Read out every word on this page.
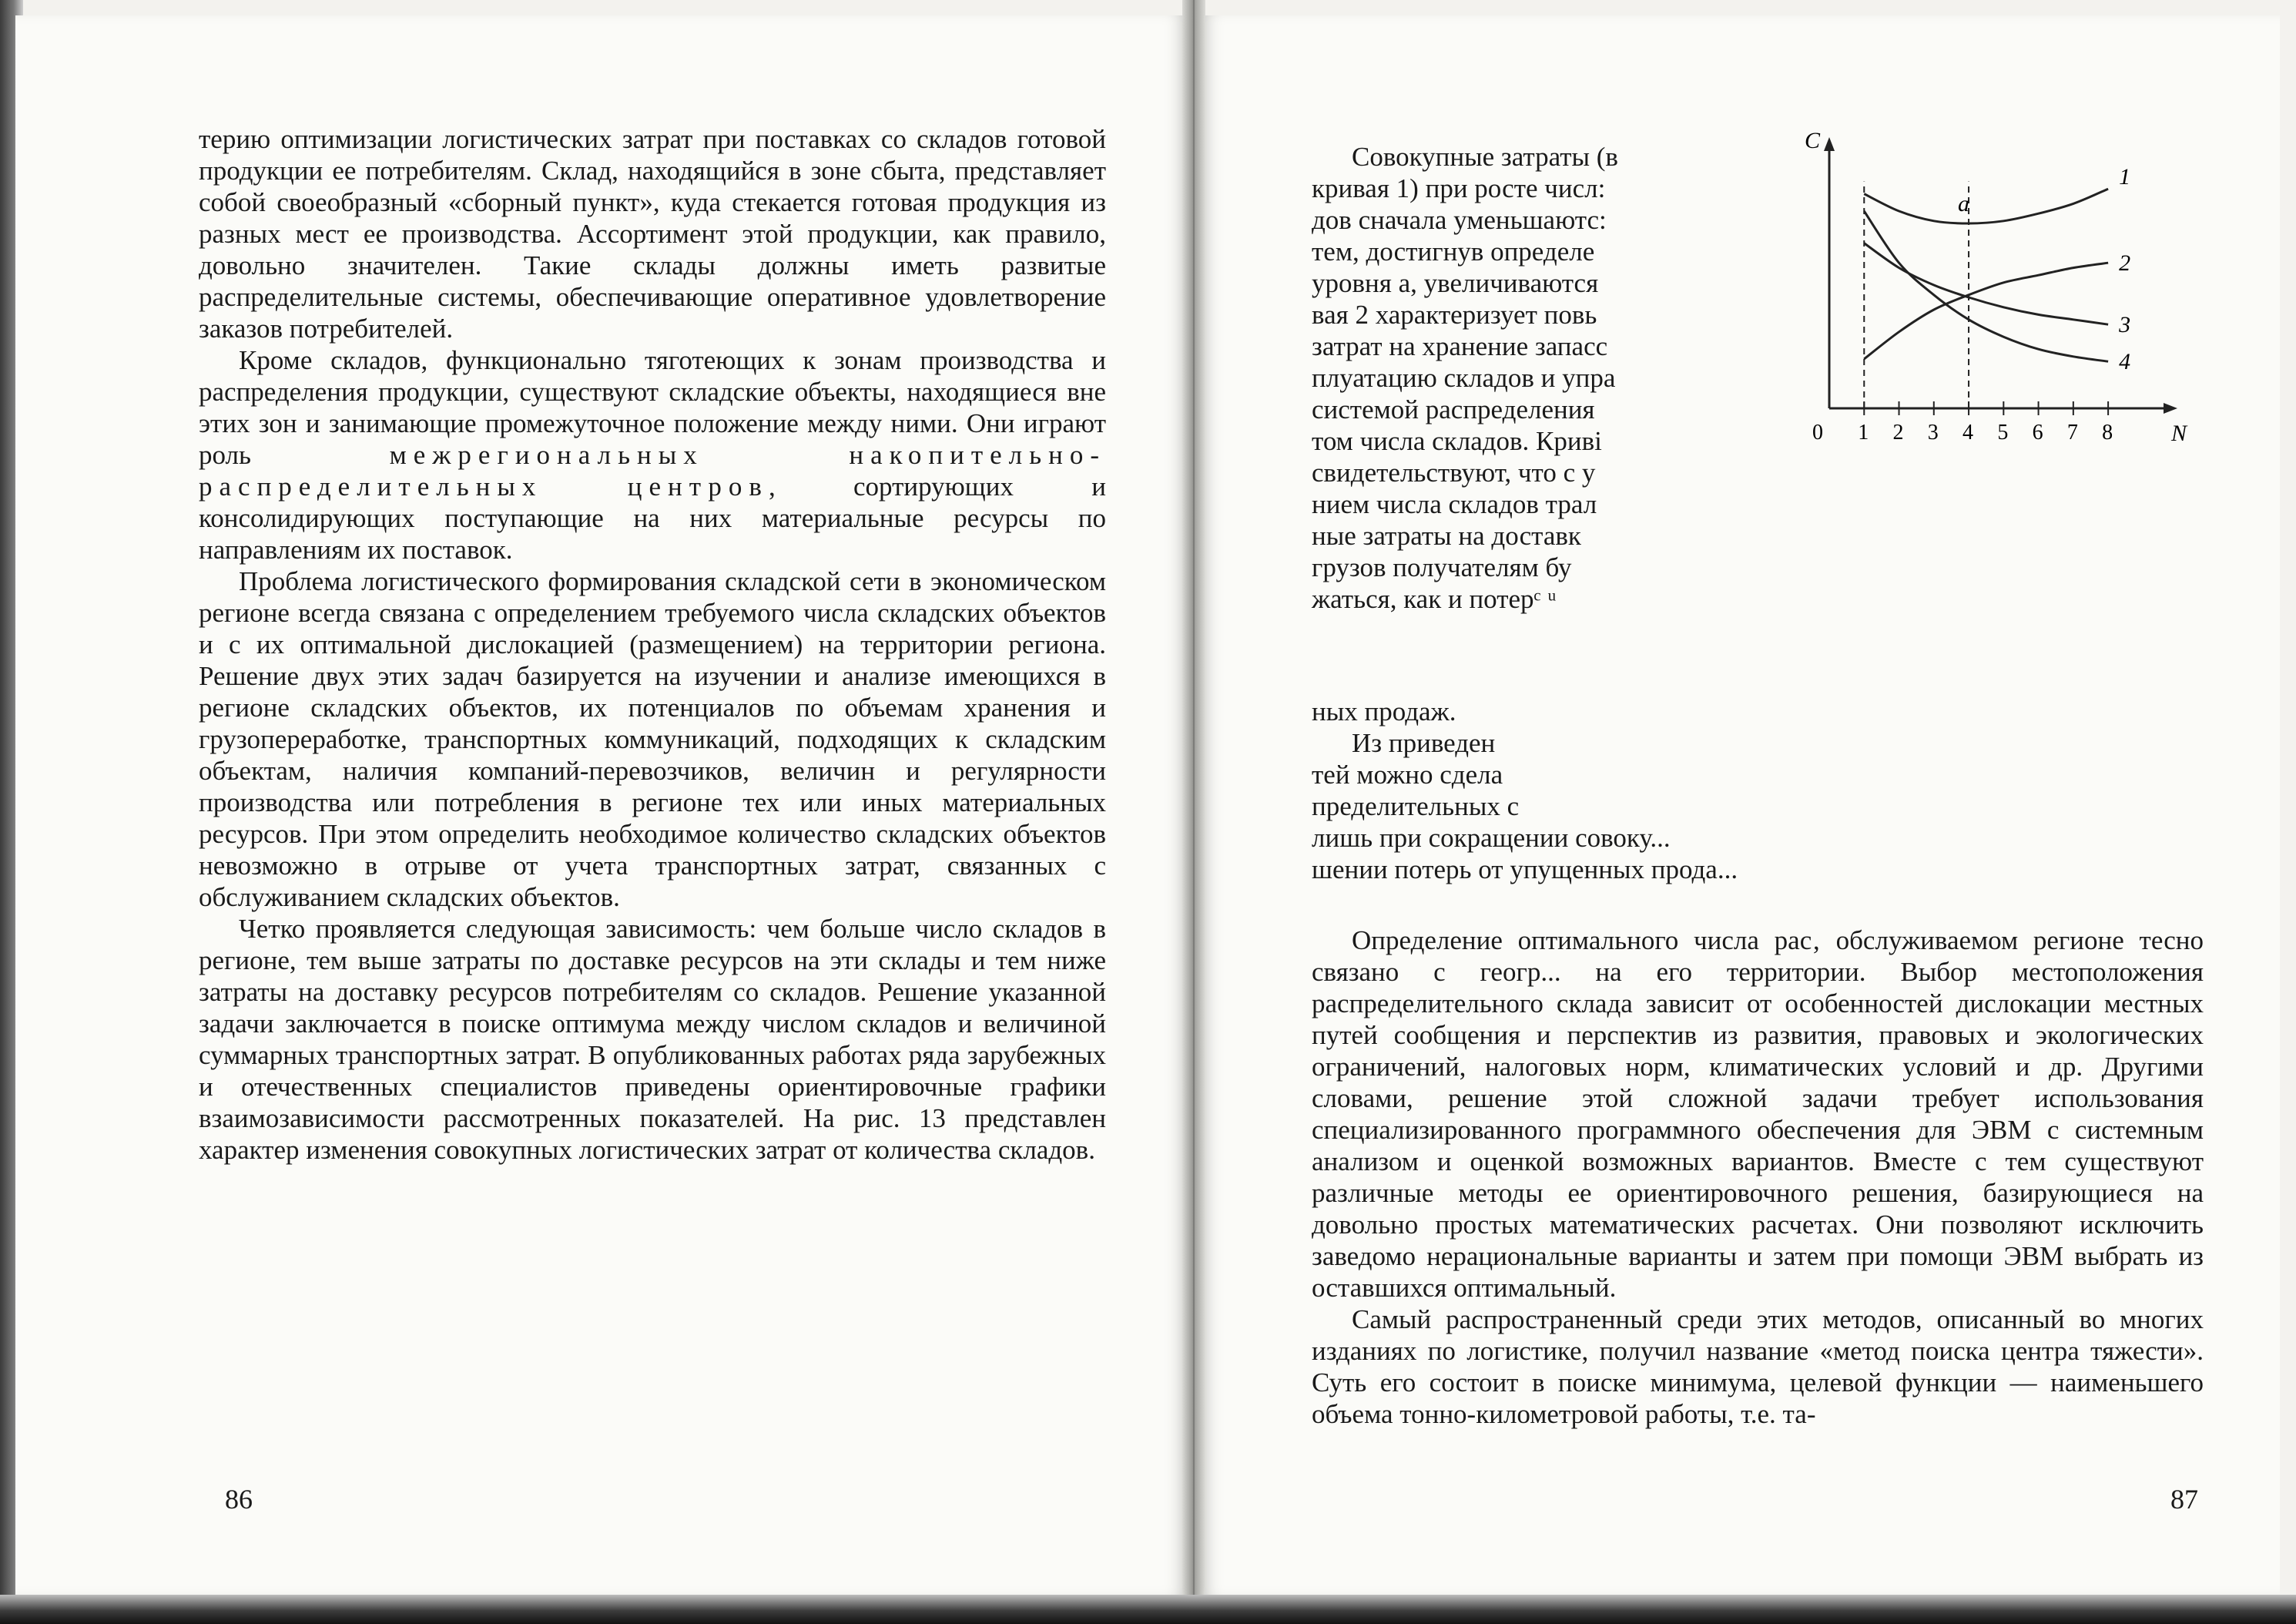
терию оптимизации логистических затрат при поставках со складов готовой продукции ее потребителям. Склад, находящийся в зоне сбыта, представляет собой своеобразный «сборный пункт», куда стекается готовая продукция из разных мест ее производства. Ассортимент этой продукции, как правило, довольно значителен. Такие склады должны иметь развитые распределительные системы, обеспечивающие оперативное удовлетворение заказов потребителей.

Кроме складов, функционально тяготеющих к зонам производства и распределения продукции, существуют складские объекты, находящиеся вне этих зон и занимающие промежуточное положение между ними. Они играют роль	межрегиональных накопительно-распределительных центров, сортирующих и консолидирующих поступающие на них материальные ресурсы по направлениям их поставок.

Проблема логистического формирования складской сети в экономическом регионе всегда связана с определением требуемого числа складских объектов и с их оптимальной дислокацией (размещением) на территории региона. Решение двух этих задач базируется на изучении и анализе имеющихся в регионе складских объектов, их потенциалов по объемам хранения и грузопереработке, транспортных коммуникаций, подходящих к складским объектам, наличия компаний-перевозчиков, величин и регулярности производства или потребления в регионе тех или иных материальных ресурсов. При этом определить необходимое количество складских объектов невозможно в отрыве от учета транспортных затрат, связанных с обслуживанием складских объектов.

Четко проявляется следующая зависимость: чем больше число складов в регионе, тем выше затраты по доставке ресурсов на эти склады и тем ниже затраты на доставку ресурсов потребителям со складов. Решение указанной задачи заключается в поиске оптимума между числом складов и величиной суммарных транспортных затрат. В опубликованных работах ряда зарубежных и отечественных специалистов приведены ориентировочные графики взаимозависимости рассмотренных показателей. На рис. 13 представлен характер изменения совокупных логистических затрат от количества складов.

86

Совокупные затраты (в

кривая 1) при росте числ:

дов сначала уменьшаютс:

тем, достигнув определе

уровня a, увеличиваются

вая 2 характеризует повь

затрат на хранение запасс

плуатацию складов и упра

системой распределения

том числа складов. Криві

свидетельствуют, что с у

нием числа складов трал

ные затраты на доставк

грузов получателям бу

жаться, как и потерᶜ ᵘ

ных продаж.

Из приведен

тей можно сдела

пределительных с

лишь при сокращении совоку...

шении потерь от упущенных прода...

Определение оптимального числа рас‚ обслуживаемом регионе тесно связано с геогр... на его территории. Выбор местоположения распределительного склада зависит от особенностей дислокации местных путей сообщения и перспектив из развития, правовых и экологических ограничений, налоговых норм, климатических условий и др. Другими словами, решение этой сложной задачи требует использования специализированного программного обеспечения для ЭВМ с системным анализом и оценкой возможных вариантов. Вместе с тем существуют различные методы ее ориентировочного решения, базирующиеся на довольно простых математических расчетах. Они позволяют исключить заведомо нерациональные варианты и затем при помощи ЭВМ выбрать из оставшихся оптимальный.

Самый распространенный среди этих методов, описанный во многих изданиях по логистике, получил название «метод поиска центра тяжести». Суть его состоит в поиске минимума, целевой функции — наименьшего объема тонно-километровой работы, т.е. та-

87
0 1 2 3 4 5 6 7 8
C
N
1
2
3
4
a
